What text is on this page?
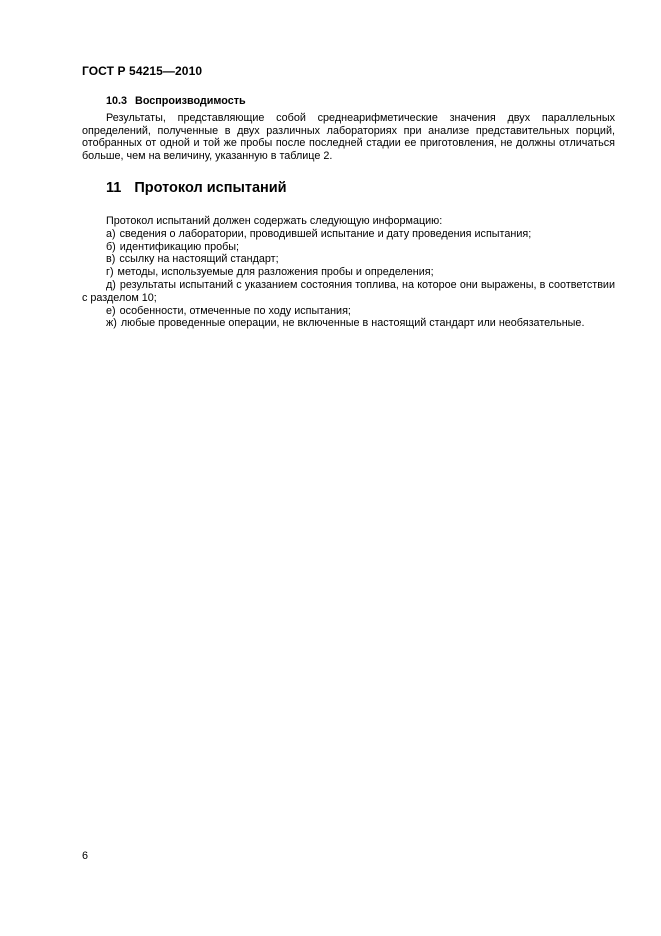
ГОСТ Р 54215—2010
10.3 Воспроизводимость

Результаты, представляющие собой среднеарифметические значения двух параллельных определений, полученные в двух различных лабораториях при анализе представительных порций, отобранных от одной и той же пробы после последней стадии ее приготовления, не должны отличаться больше, чем на величину, указанную в таблице 2.

11 Протокол испытаний

Протокол испытаний должен содержать следующую информацию:

а) сведения о лаборатории, проводившей испытание и дату проведения испытания;
б) идентификацию пробы;
в) ссылку на настоящий стандарт;
г) методы, используемые для разложения пробы и определения;
д) результаты испытаний с указанием состояния топлива, на которое они выражены, в соответствии с разделом 10;
е) особенности, отмеченные по ходу испытания;
ж) любые проведенные операции, не включенные в настоящий стандарт или необязательные.
6
